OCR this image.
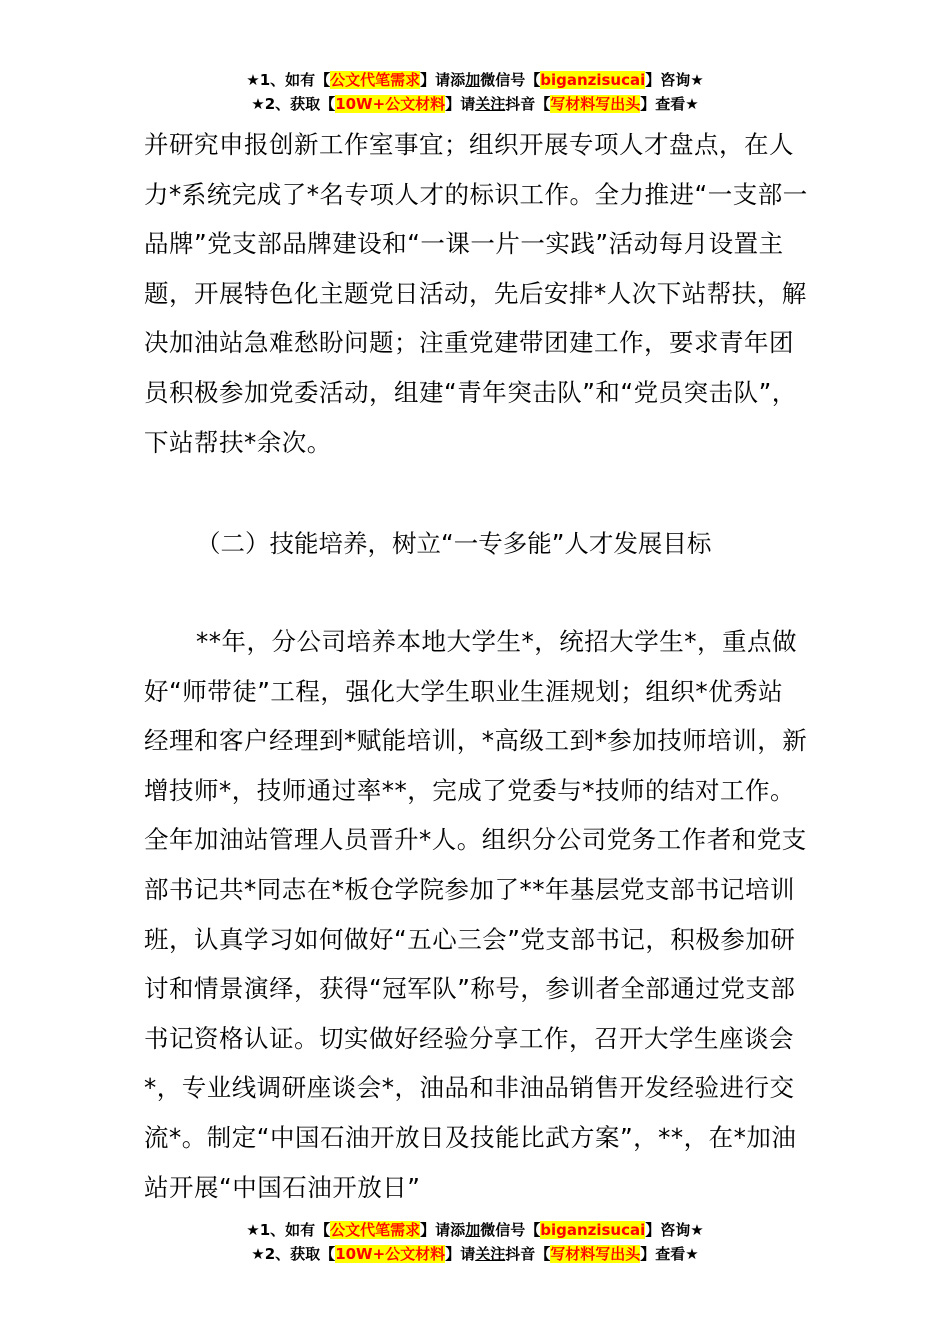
★1、如有【公文代笔需求】请添加微信号【biganzisucai】咨询★
★2、获取【10W+公文材料】请关注抖音【写材料写出头】查看★

并研究申报创新工作室事宜；组织开展专项人才盘点，在人力*系统完成了*名专项人才的标识工作。全力推进“一支部一品牌”党支部品牌建设和“一课一片一实践”活动每月设置主题，开展特色化主题党日活动，先后安排*人次下站帮扶，解决加油站急难愁盼问题；注重党建带团建工作，要求青年团员积极参加党委活动，组建“青年突击队”和“党员突击队”，下站帮扶*余次。

（二）技能培养，树立“一专多能”人才发展目标

**年，分公司培养本地大学生*，统招大学生*，重点做好“师带徒”工程，强化大学生职业生涯规划；组织*优秀站经理和客户经理到*赋能培训，*高级工到*参加技师培训，新增技师*，技师通过率**，完成了党委与*技师的结对工作。全年加油站管理人员晋升*人。组织分公司党务工作者和党支部书记共*同志在*板仓学院参加了**年基层党支部书记培训班，认真学习如何做好“五心三会”党支部书记，积极参加研讨和情景演绎，获得“冠军队”称号，参训者全部通过党支部书记资格认证。切实做好经验分享工作，召开大学生座谈会*，专业线调研座谈会*，油品和非油品销售开发经验进行交流*。制定“中国石油开放日及技能比武方案”，**，在*加油站开展“中国石油开放日”

★1、如有【公文代笔需求】请添加微信号【biganzisucai】咨询★
★2、获取【10W+公文材料】请关注抖音【写材料写出头】查看★
